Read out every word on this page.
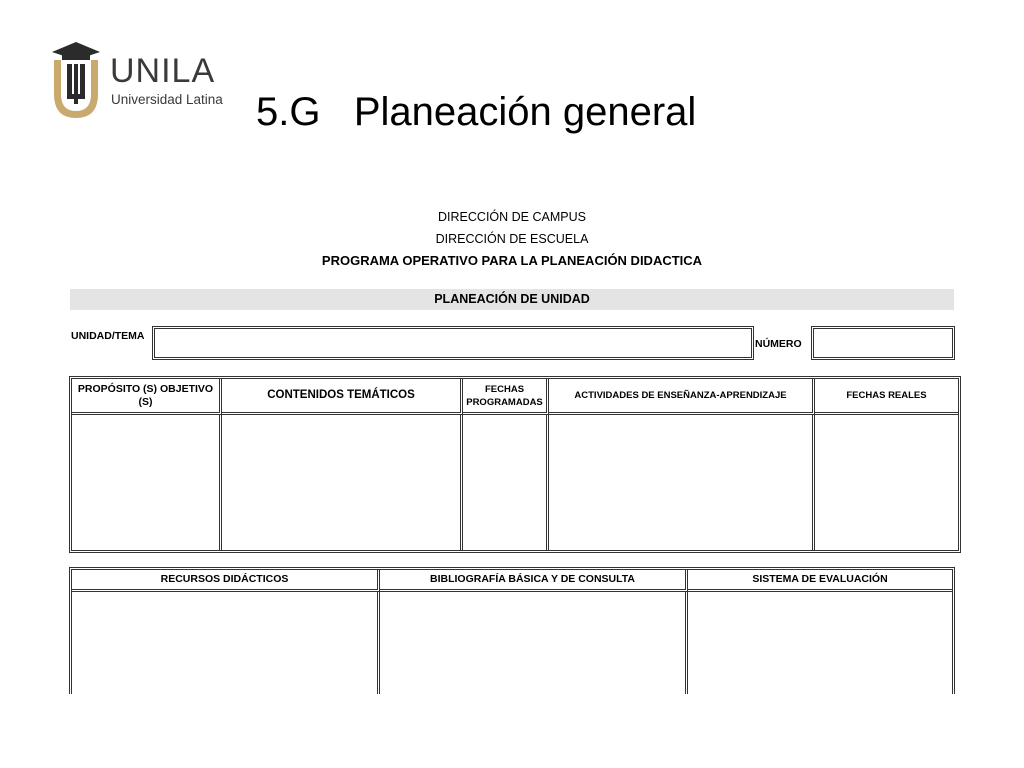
UNILA
Universidad Latina 5.G   Planeación general
DIRECCIÓN DE CAMPUS
DIRECCIÓN DE ESCUELA
PROGRAMA OPERATIVO PARA LA PLANEACIÓN DIDACTICA
PLANEACIÓN DE UNIDAD
UNIDAD/TEMA
NÚMERO
PROPÓSITO (S) OBJETIVO (S)	CONTENIDOS TEMÁTICOS	FECHAS PROGRAMADAS	ACTIVIDADES DE ENSEÑANZA-APRENDIZAJE	FECHAS REALES

RECURSOS DIDÁCTICOS	BIBLIOGRAFÍA BÁSICA Y DE CONSULTA	SISTEMA DE EVALUACIÓN
